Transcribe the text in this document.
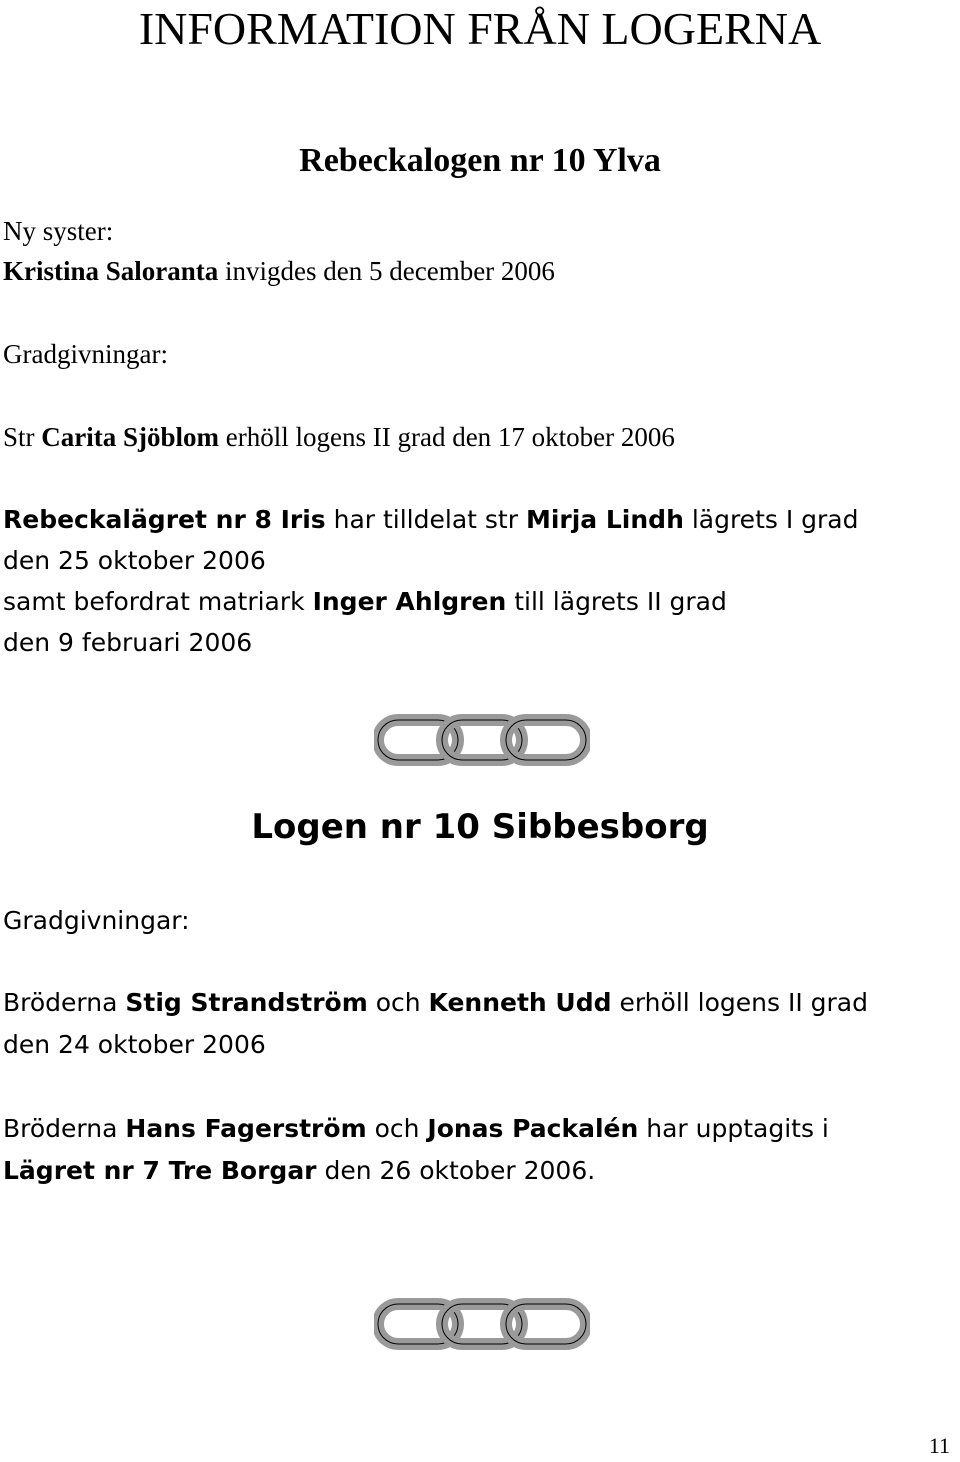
INFORMATION FRÅN LOGERNA
Rebeckalogen nr 10 Ylva
Ny syster:
Kristina Saloranta invigdes den 5 december 2006
Gradgivningar:
Str Carita Sjöblom erhöll logens II grad den 17 oktober 2006
Rebeckalägret nr 8 Iris har tilldelat str Mirja Lindh lägrets I grad
den 25 oktober 2006
samt befordrat matriark Inger Ahlgren till lägrets II grad
den 9 februari 2006
Logen nr 10 Sibbesborg
Gradgivningar:
Bröderna Stig Strandström och Kenneth Udd erhöll logens II grad
den 24 oktober 2006
Bröderna Hans Fagerström och Jonas Packalén har upptagits i
Lägret nr 7 Tre Borgar den 26 oktober 2006.
11
